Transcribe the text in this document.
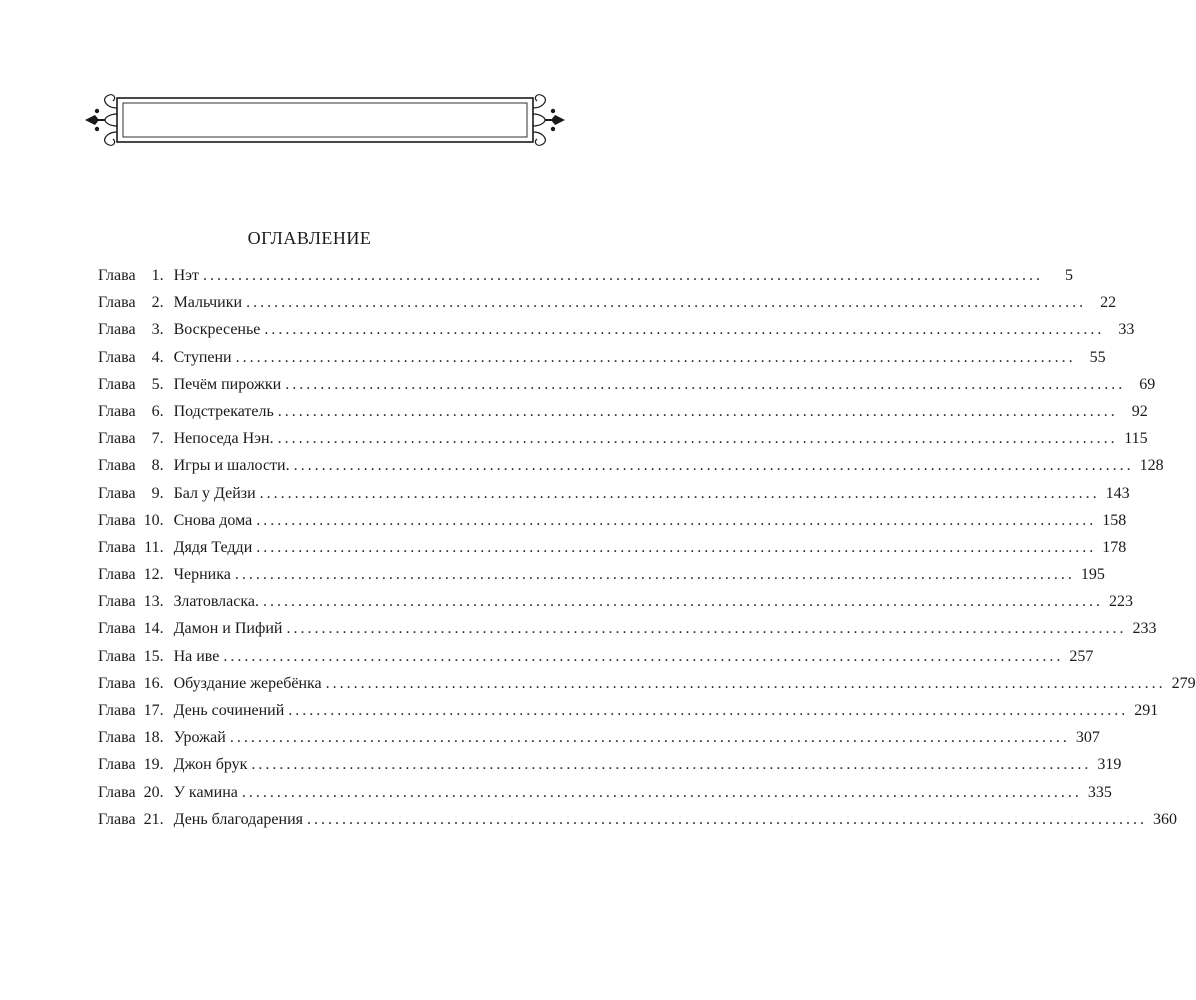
ОГЛАВЛЕНИЕ
Глава	1. Нэт ........................................................................................................................	5
Глава	2. Мальчики ........................................................................................................................ 22
Глава	3. Воскресенье ........................................................................................................................ 33
Глава	4. Ступени ........................................................................................................................ 55
Глава	5. Печём пирожки ........................................................................................................................ 69
Глава	6. Подстрекатель ........................................................................................................................ 92
Глава	7. Непоседа Нэн. ........................................................................................................................ 115
Глава	8. Игры и шалости. ........................................................................................................................ 128
Глава	9. Бал у Дейзи ........................................................................................................................ 143
Глава 10. Снова дома ........................................................................................................................ 158
Глава 11. Дядя Тедди ........................................................................................................................ 178
Глава 12. Черника ........................................................................................................................ 195
Глава 13. Златовласка. ........................................................................................................................ 223
Глава 14. Дамон и Пифий ........................................................................................................................ 233
Глава 15. На иве ........................................................................................................................ 257
Глава 16. Обуздание жеребёнка ........................................................................................................................ 279
Глава 17. День сочинений ........................................................................................................................ 291
Глава 18. Урожай ........................................................................................................................ 307
Глава 19. Джон брук ........................................................................................................................ 319
Глава 20. У камина ........................................................................................................................ 335
Глава 21. День благодарения ........................................................................................................................ 360
